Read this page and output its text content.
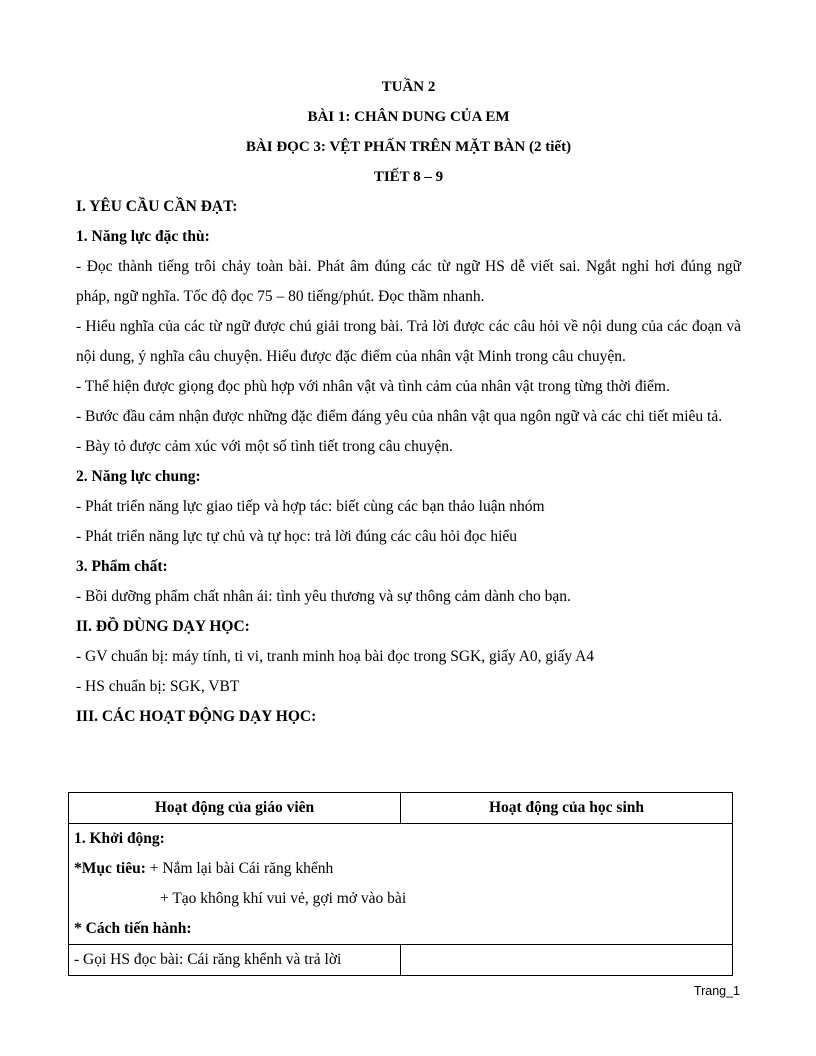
TUẦN 2
BÀI 1: CHÂN DUNG CỦA EM
BÀI ĐỌC 3: VỆT PHẤN TRÊN MẶT BÀN (2 tiết)
TIẾT 8 – 9
I. YÊU CẦU CẦN ĐẠT:
1. Năng lực đặc thù:

- Đọc thành tiếng trôi chảy toàn bài. Phát âm đúng các từ ngữ HS dễ viết sai. Ngắt nghỉ hơi đúng ngữ pháp, ngữ nghĩa. Tốc độ đọc 75 – 80 tiếng/phút. Đọc thầm nhanh.

- Hiểu nghĩa của các từ ngữ được chú giải trong bài. Trả lời được các câu hỏi về nội dung của các đoạn và nội dung, ý nghĩa câu chuyện. Hiểu được đặc điểm của nhân vật Minh trong câu chuyện.

- Thể hiện được giọng đọc phù hợp với nhân vật và tình cảm của nhân vật trong từng thời điểm.

- Bước đầu cảm nhận được những đặc điểm đáng yêu của nhân vật qua ngôn ngữ và các chi tiết miêu tả.

- Bày tỏ được cảm xúc với một số tình tiết trong câu chuyện.

2. Năng lực chung:

- Phát triển năng lực giao tiếp và hợp tác: biết cùng các bạn thảo luận nhóm

- Phát triển năng lực tự chủ và tự học: trả lời đúng các câu hỏi đọc hiểu

3. Phẩm chất:

- Bồi dưỡng phẩm chất nhân ái: tình yêu thương và sự thông cảm dành cho bạn.

II. ĐỒ DÙNG DẠY HỌC:

- GV chuẩn bị: máy tính, ti vi, tranh minh hoạ bài đọc trong SGK, giấy A0, giấy A4

- HS chuẩn bị: SGK, VBT

III. CÁC HOẠT ĐỘNG DẠY HỌC:
Hoạt động của giáo viên	Hoạt động của học sinh

1. Khởi động:
*Mục tiêu: + Nắm lại bài Cái răng khểnh
+ Tạo không khí vui vẻ, gợi mở vào bài
* Cách tiến hành:	

- Gọi HS đọc bài: Cái răng khểnh và trả lời	
Trang_1
